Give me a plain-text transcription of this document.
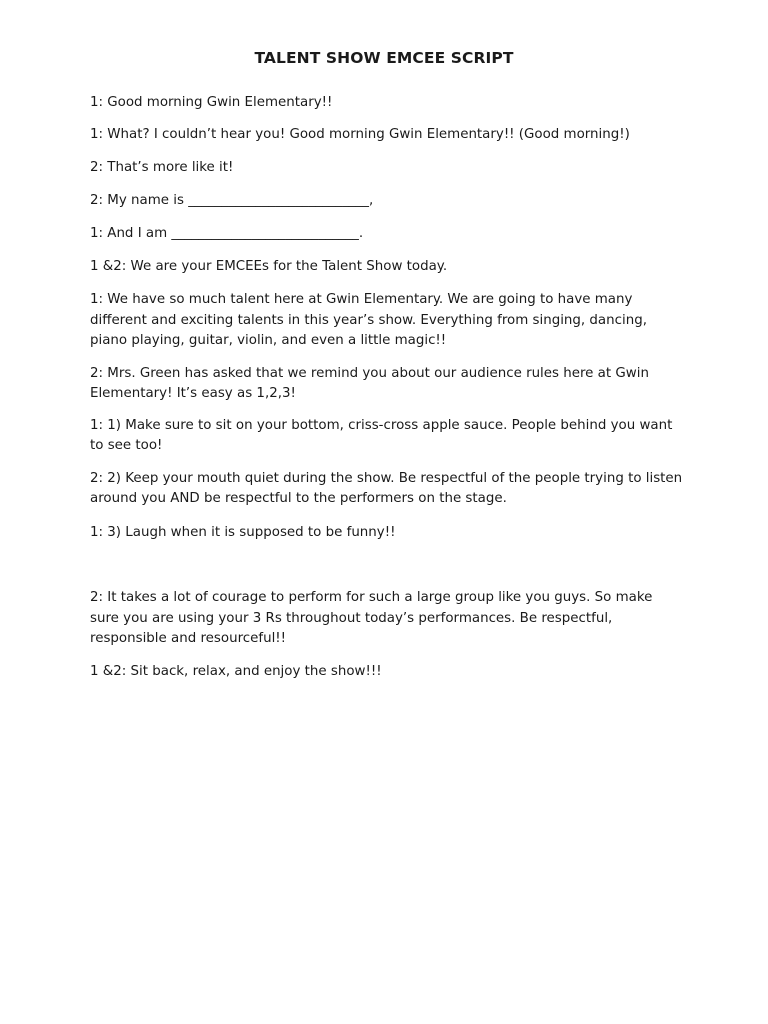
TALENT SHOW EMCEE SCRIPT
1: Good morning Gwin Elementary!!
1: What? I couldn’t hear you! Good morning Gwin Elementary!! (Good morning!)
2: That’s more like it!
2: My name is ___________________________,
1: And I am ____________________________.
1 &2: We are your EMCEEs for the Talent Show today.
1: We have so much talent here at Gwin Elementary. We are going to have many
different and exciting talents in this year’s show. Everything from singing, dancing,
piano playing, guitar, violin, and even a little magic!!
2: Mrs. Green has asked that we remind you about our audience rules here at Gwin
Elementary! It’s easy as 1,2,3!
1: 1) Make sure to sit on your bottom, criss-cross apple sauce. People behind you want
to see too!
2: 2) Keep your mouth quiet during the show. Be respectful of the people trying to listen
around you AND be respectful to the performers on the stage.
1: 3) Laugh when it is supposed to be funny!!
2: It takes a lot of courage to perform for such a large group like you guys. So make
sure you are using your 3 Rs throughout today’s performances. Be respectful,
responsible and resourceful!!
1 &2: Sit back, relax, and enjoy the show!!!
